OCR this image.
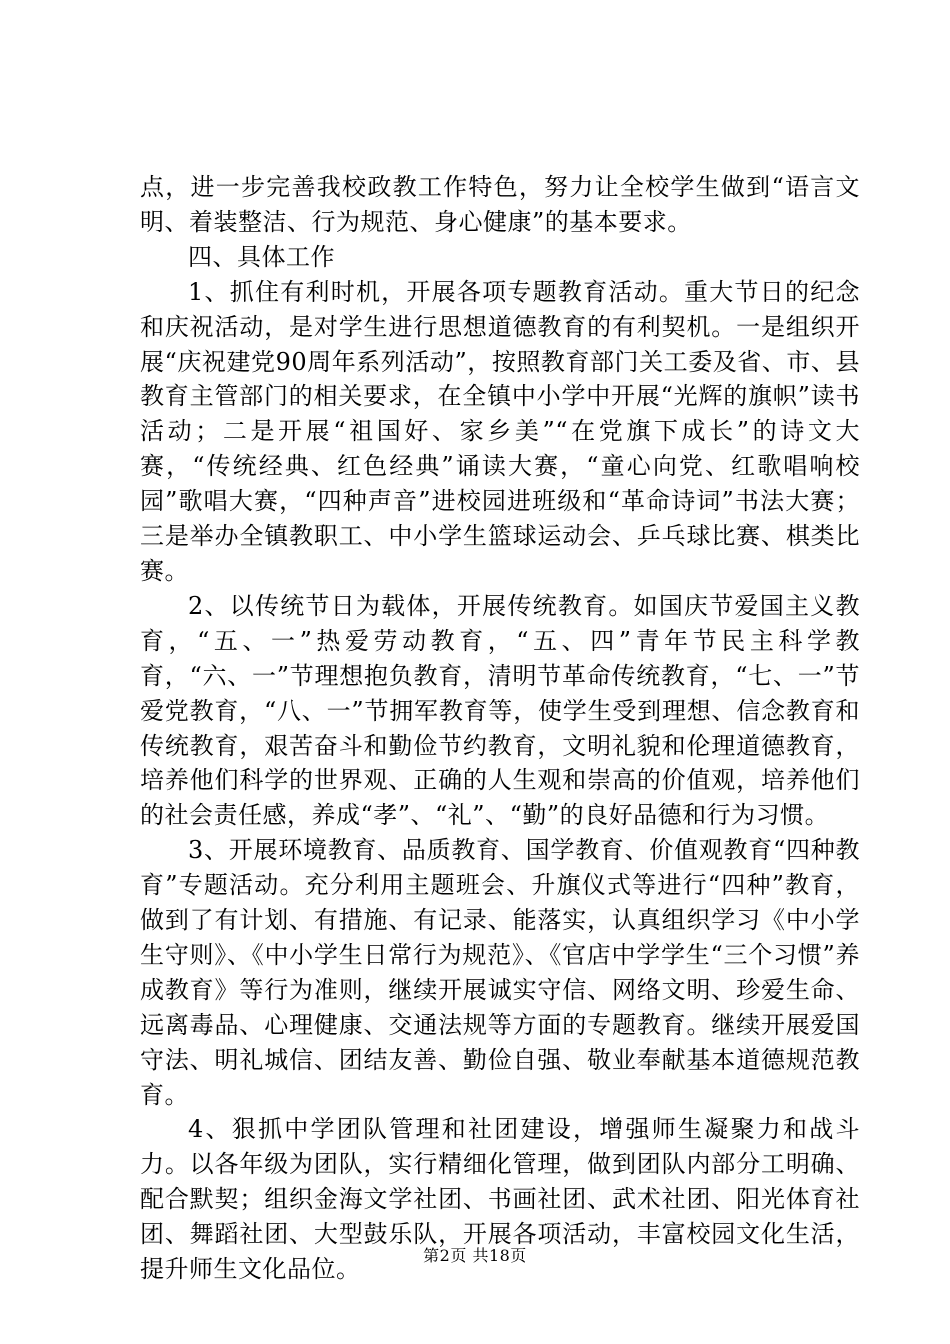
点，进一步完善我校政教工作特色，努力让全校学生做到“语言文明、着装整洁、行为规范、身心健康”的基本要求。

四、具体工作

1、抓住有利时机，开展各项专题教育活动。重大节日的纪念和庆祝活动，是对学生进行思想道德教育的有利契机。一是组织开展“庆祝建党90周年系列活动”，按照教育部门关工委及省、市、县教育主管部门的相关要求，在全镇中小学中开展“光辉的旗帜”读书活动；二是开展“祖国好、家乡美”“在党旗下成长”的诗文大赛，“传统经典、红色经典”诵读大赛，“童心向党、红歌唱响校园”歌唱大赛，“四种声音”进校园进班级和“革命诗词”书法大赛；三是举办全镇教职工、中小学生篮球运动会、乒乓球比赛、棋类比赛。

2、以传统节日为载体，开展传统教育。如国庆节爱国主义教育，“五、一”热爱劳动教育，“五、四”青年节民主科学教育，“六、一”节理想抱负教育，清明节革命传统教育，“七、一”节爱党教育，“八、一”节拥军教育等，使学生受到理想、信念教育和传统教育，艰苦奋斗和勤俭节约教育，文明礼貌和伦理道德教育，培养他们科学的世界观、正确的人生观和崇高的价值观，培养他们的社会责任感，养成“孝”、“礼”、“勤”的良好品德和行为习惯。

3、开展环境教育、品质教育、国学教育、价值观教育“四种教育”专题活动。充分利用主题班会、升旗仪式等进行“四种”教育，做到了有计划、有措施、有记录、能落实，认真组织学习《中小学生守则》、《中小学生日常行为规范》、《官店中学学生“三个习惯”养成教育》等行为准则，继续开展诚实守信、网络文明、珍爱生命、远离毒品、心理健康、交通法规等方面的专题教育。继续开展爱国守法、明礼城信、团结友善、勤俭自强、敬业奉献基本道德规范教育。

4、狠抓中学团队管理和社团建设，增强师生凝聚力和战斗力。以各年级为团队，实行精细化管理，做到团队内部分工明确、配合默契；组织金海文学社团、书画社团、武术社团、阳光体育社团、舞蹈社团、大型鼓乐队，开展各项活动，丰富校园文化生活，提升师生文化品位。	第2页 共18页
